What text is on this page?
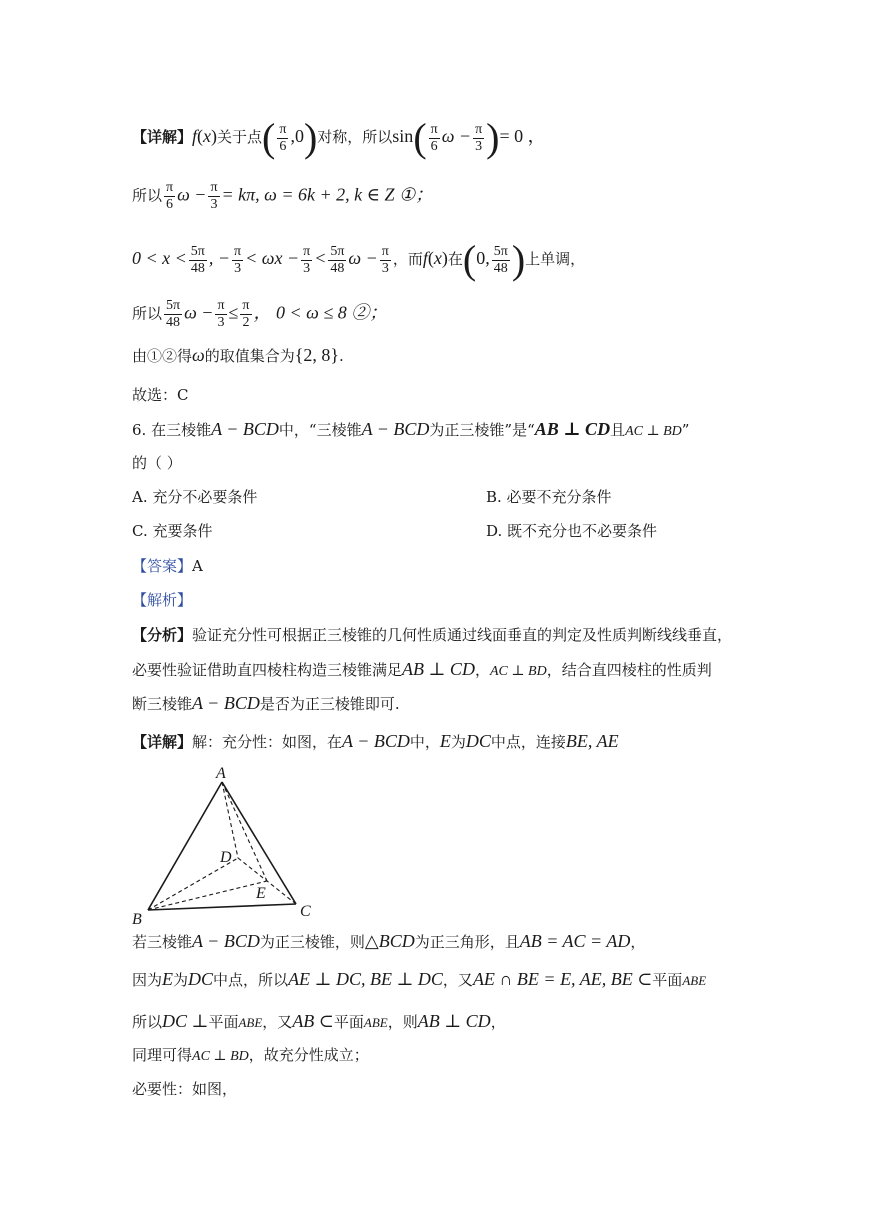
【详解】f(x)关于点( $\frac{\pi}{6} ,0$)对称，所以$\sin( \frac{\pi}{6}$ $\omega - \frac{\pi}{3}$ )= 0 ，
所以 $\frac{\pi}{6}$ $\omega - \frac{\pi}{3} = k\pi$, ω = 6k + 2, k ∈ Z ①；
$0 < x < \frac{5\pi}{48}$ , − $\frac{\pi}{3} < \omega x - \frac{\pi}{3} < \frac{5\pi}{48}$ $\omega - \frac{\pi}{3}$ ，而f(x)在(0, $\frac{5\pi}{48}$ )上单调，
所以 $\frac{5\pi}{48}$ $\omega - \frac{\pi}{3} \le \frac{\pi}{2}$ ， 0 < ω ≤ 8 ②；
由①②得ω的取值集合为{2, 8}.
故选：C
6. 在三棱锥A − BCD中，“三棱锥A − BCD为正三棱锥”是“AB ⊥ CD且AC ⊥ BD”
的（ ）
A. 充分不必要条件	B. 必要不充分条件
C. 充要条件	D. 既不充分也不必要条件
【答案】A
【解析】
【分析】验证充分性可根据正三棱锥的几何性质通过线面垂直的判定及性质判断线线垂直，
必要性验证借助直四棱柱构造三棱锥满足AB ⊥ CD，AC ⊥ BD，结合直四棱柱的性质判
断三棱锥A − BCD是否为正三棱锥即可.
【详解】解：充分性：如图，在A − BCD中，E为DC中点，连接BE, AE
A
B	C
D
E
若三棱锥A − BCD为正三棱锥，则△BCD为正三角形，且AB = AC = AD，
因为E为DC中点，所以AE ⊥ DC, BE ⊥ DC，又AE ∩ BE = E, AE, BE ⊂平面ABE
所以DC ⊥平面ABE，又AB ⊂平面ABE，则AB ⊥ CD，
同理可得AC ⊥ BD，故充分性成立；
必要性：如图，
